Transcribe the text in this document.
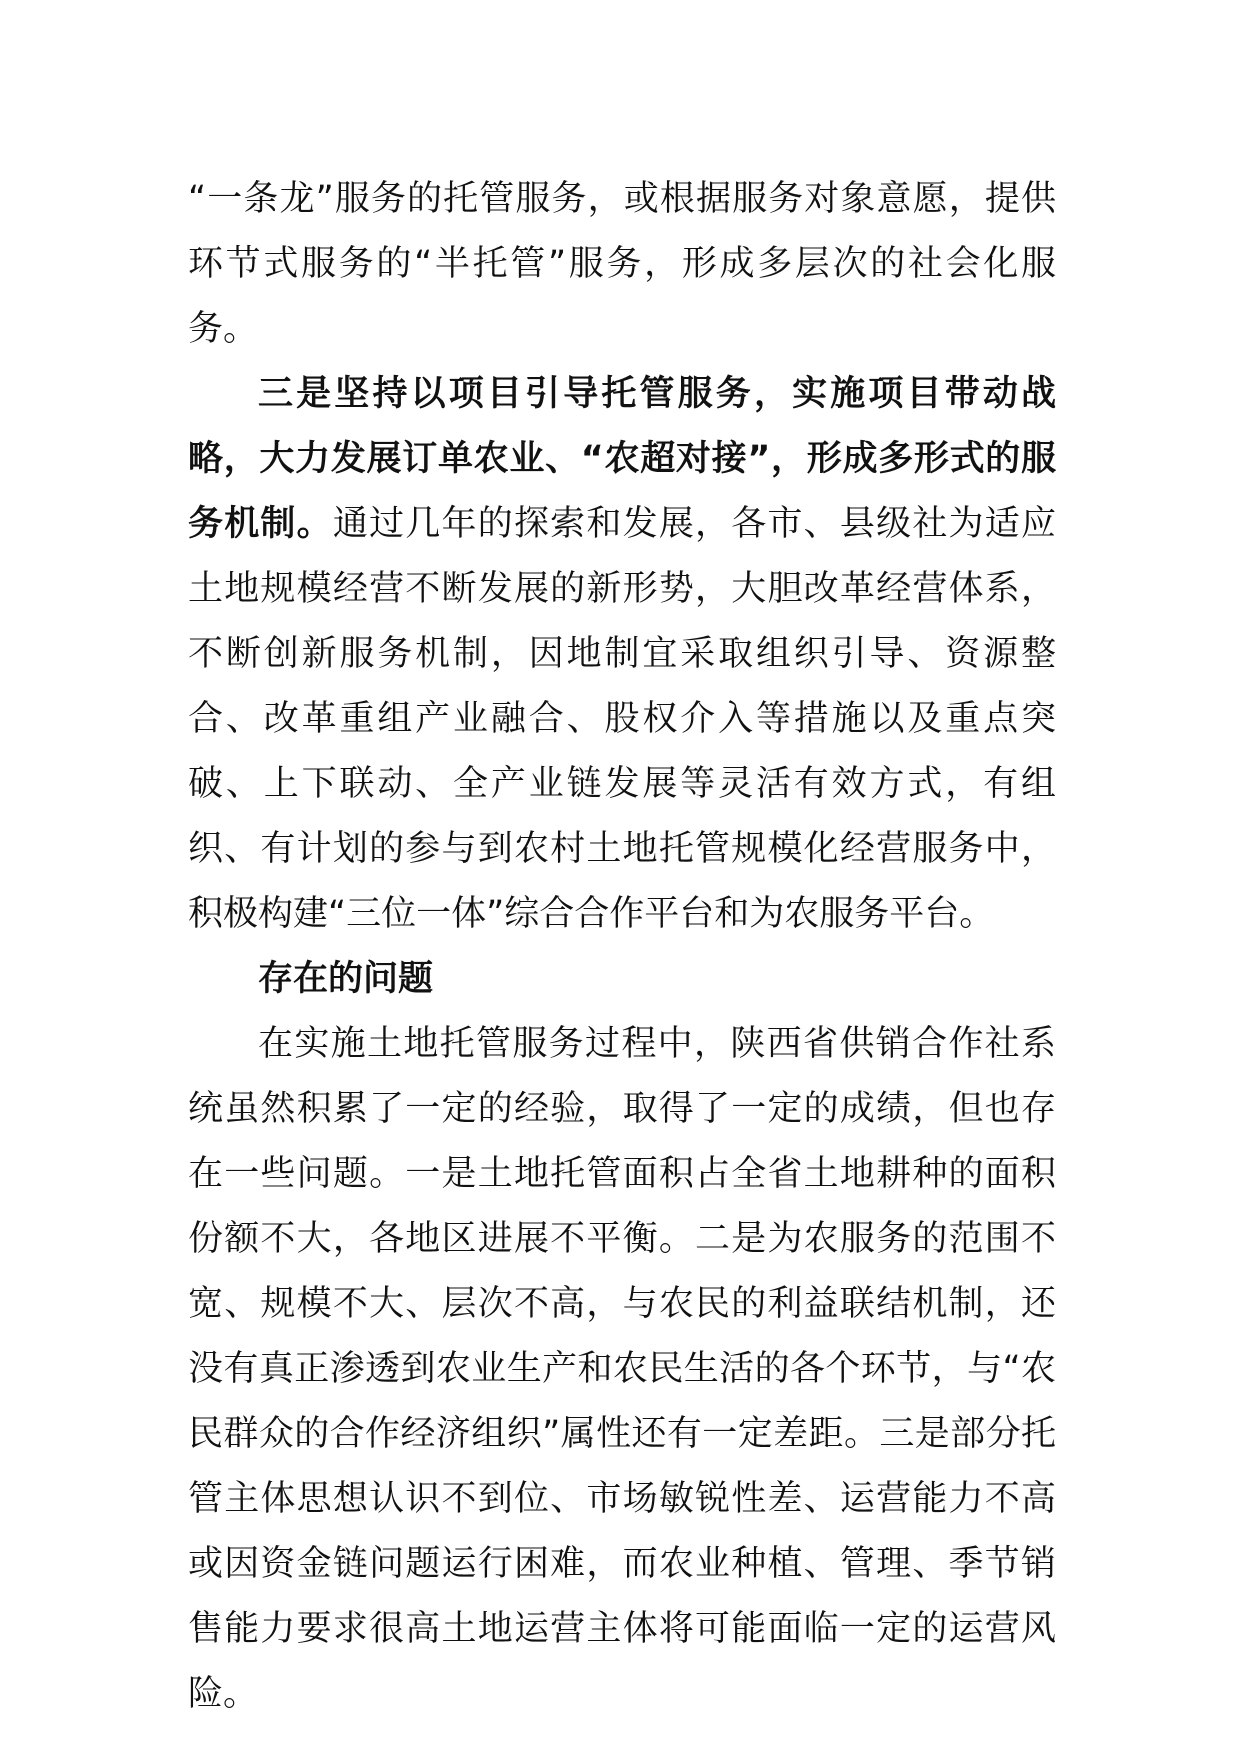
“一条龙”服务的托管服务，或根据服务对象意愿，提供环节式服务的“半托管”服务，形成多层次的社会化服务。

三是坚持以项目引导托管服务，实施项目带动战略，大力发展订单农业、“农超对接”，形成多形式的服务机制。通过几年的探索和发展，各市、县级社为适应土地规模经营不断发展的新形势，大胆改革经营体系，不断创新服务机制，因地制宜采取组织引导、资源整合、改革重组产业融合、股权介入等措施以及重点突破、上下联动、全产业链发展等灵活有效方式，有组织、有计划的参与到农村土地托管规模化经营服务中，积极构建“三位一体”综合合作平台和为农服务平台。

存在的问题

在实施土地托管服务过程中，陕西省供销合作社系统虽然积累了一定的经验，取得了一定的成绩，但也存在一些问题。一是土地托管面积占全省土地耕种的面积份额不大，各地区进展不平衡。二是为农服务的范围不宽、规模不大、层次不高，与农民的利益联结机制，还没有真正渗透到农业生产和农民生活的各个环节，与“农民群众的合作经济组织”属性还有一定差距。三是部分托管主体思想认识不到位、市场敏锐性差、运营能力不高或因资金链问题运行困难，而农业种植、管理、季节销售能力要求很高土地运营主体将可能面临一定的运营风险。
